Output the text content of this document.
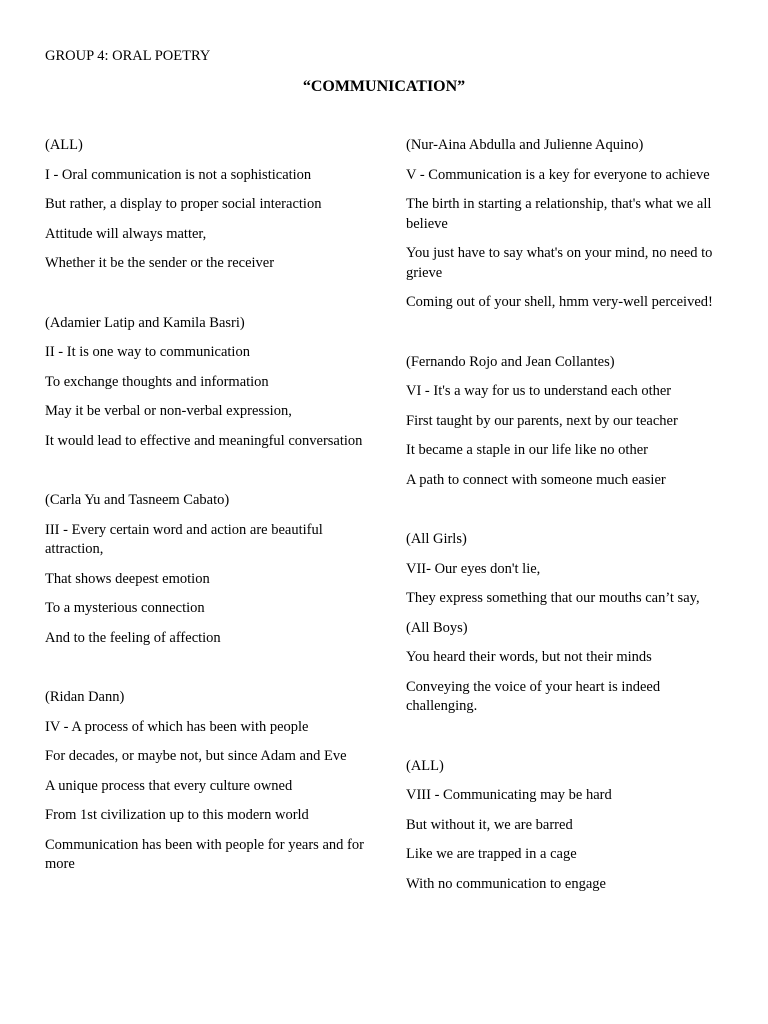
GROUP 4: ORAL POETRY
“COMMUNICATION”

(ALL)

I - Oral communication is not a sophistication

But rather, a display to proper social interaction

Attitude will always matter,

Whether it be the sender or the receiver

(Adamier Latip and Kamila Basri)

II - It is one way to communication

To exchange thoughts and information

May it be verbal or non-verbal expression,

It would lead to effective and meaningful conversation

(Carla Yu and Tasneem Cabato)

III - Every certain word and action are beautiful attraction,

That shows deepest emotion

To a mysterious connection

And to the feeling of affection

(Ridan Dann)

IV - A process of which has been with people

For decades, or maybe not, but since Adam and Eve

A unique process that every culture owned

From 1st civilization up to this modern world

Communication has been with people for years and for more

(Nur-Aina Abdulla and Julienne Aquino)

V - Communication is a key for everyone to achieve

The birth in starting a relationship, that's what we all believe

You just have to say what's on your mind, no need to grieve

Coming out of your shell, hmm very-well perceived!

(Fernando Rojo and Jean Collantes)

VI - It's a way for us to understand each other

First taught by our parents, next by our teacher

It became a staple in our life like no other

A path to connect with someone much easier

(All Girls)

VII- Our eyes don't lie,

They express something that our mouths can’t say,

(All Boys)

You heard their words, but not their minds

Conveying the voice of your heart is indeed challenging.

(ALL)

VIII - Communicating may be hard

But without it, we are barred

Like we are trapped in a cage

With no communication to engage
